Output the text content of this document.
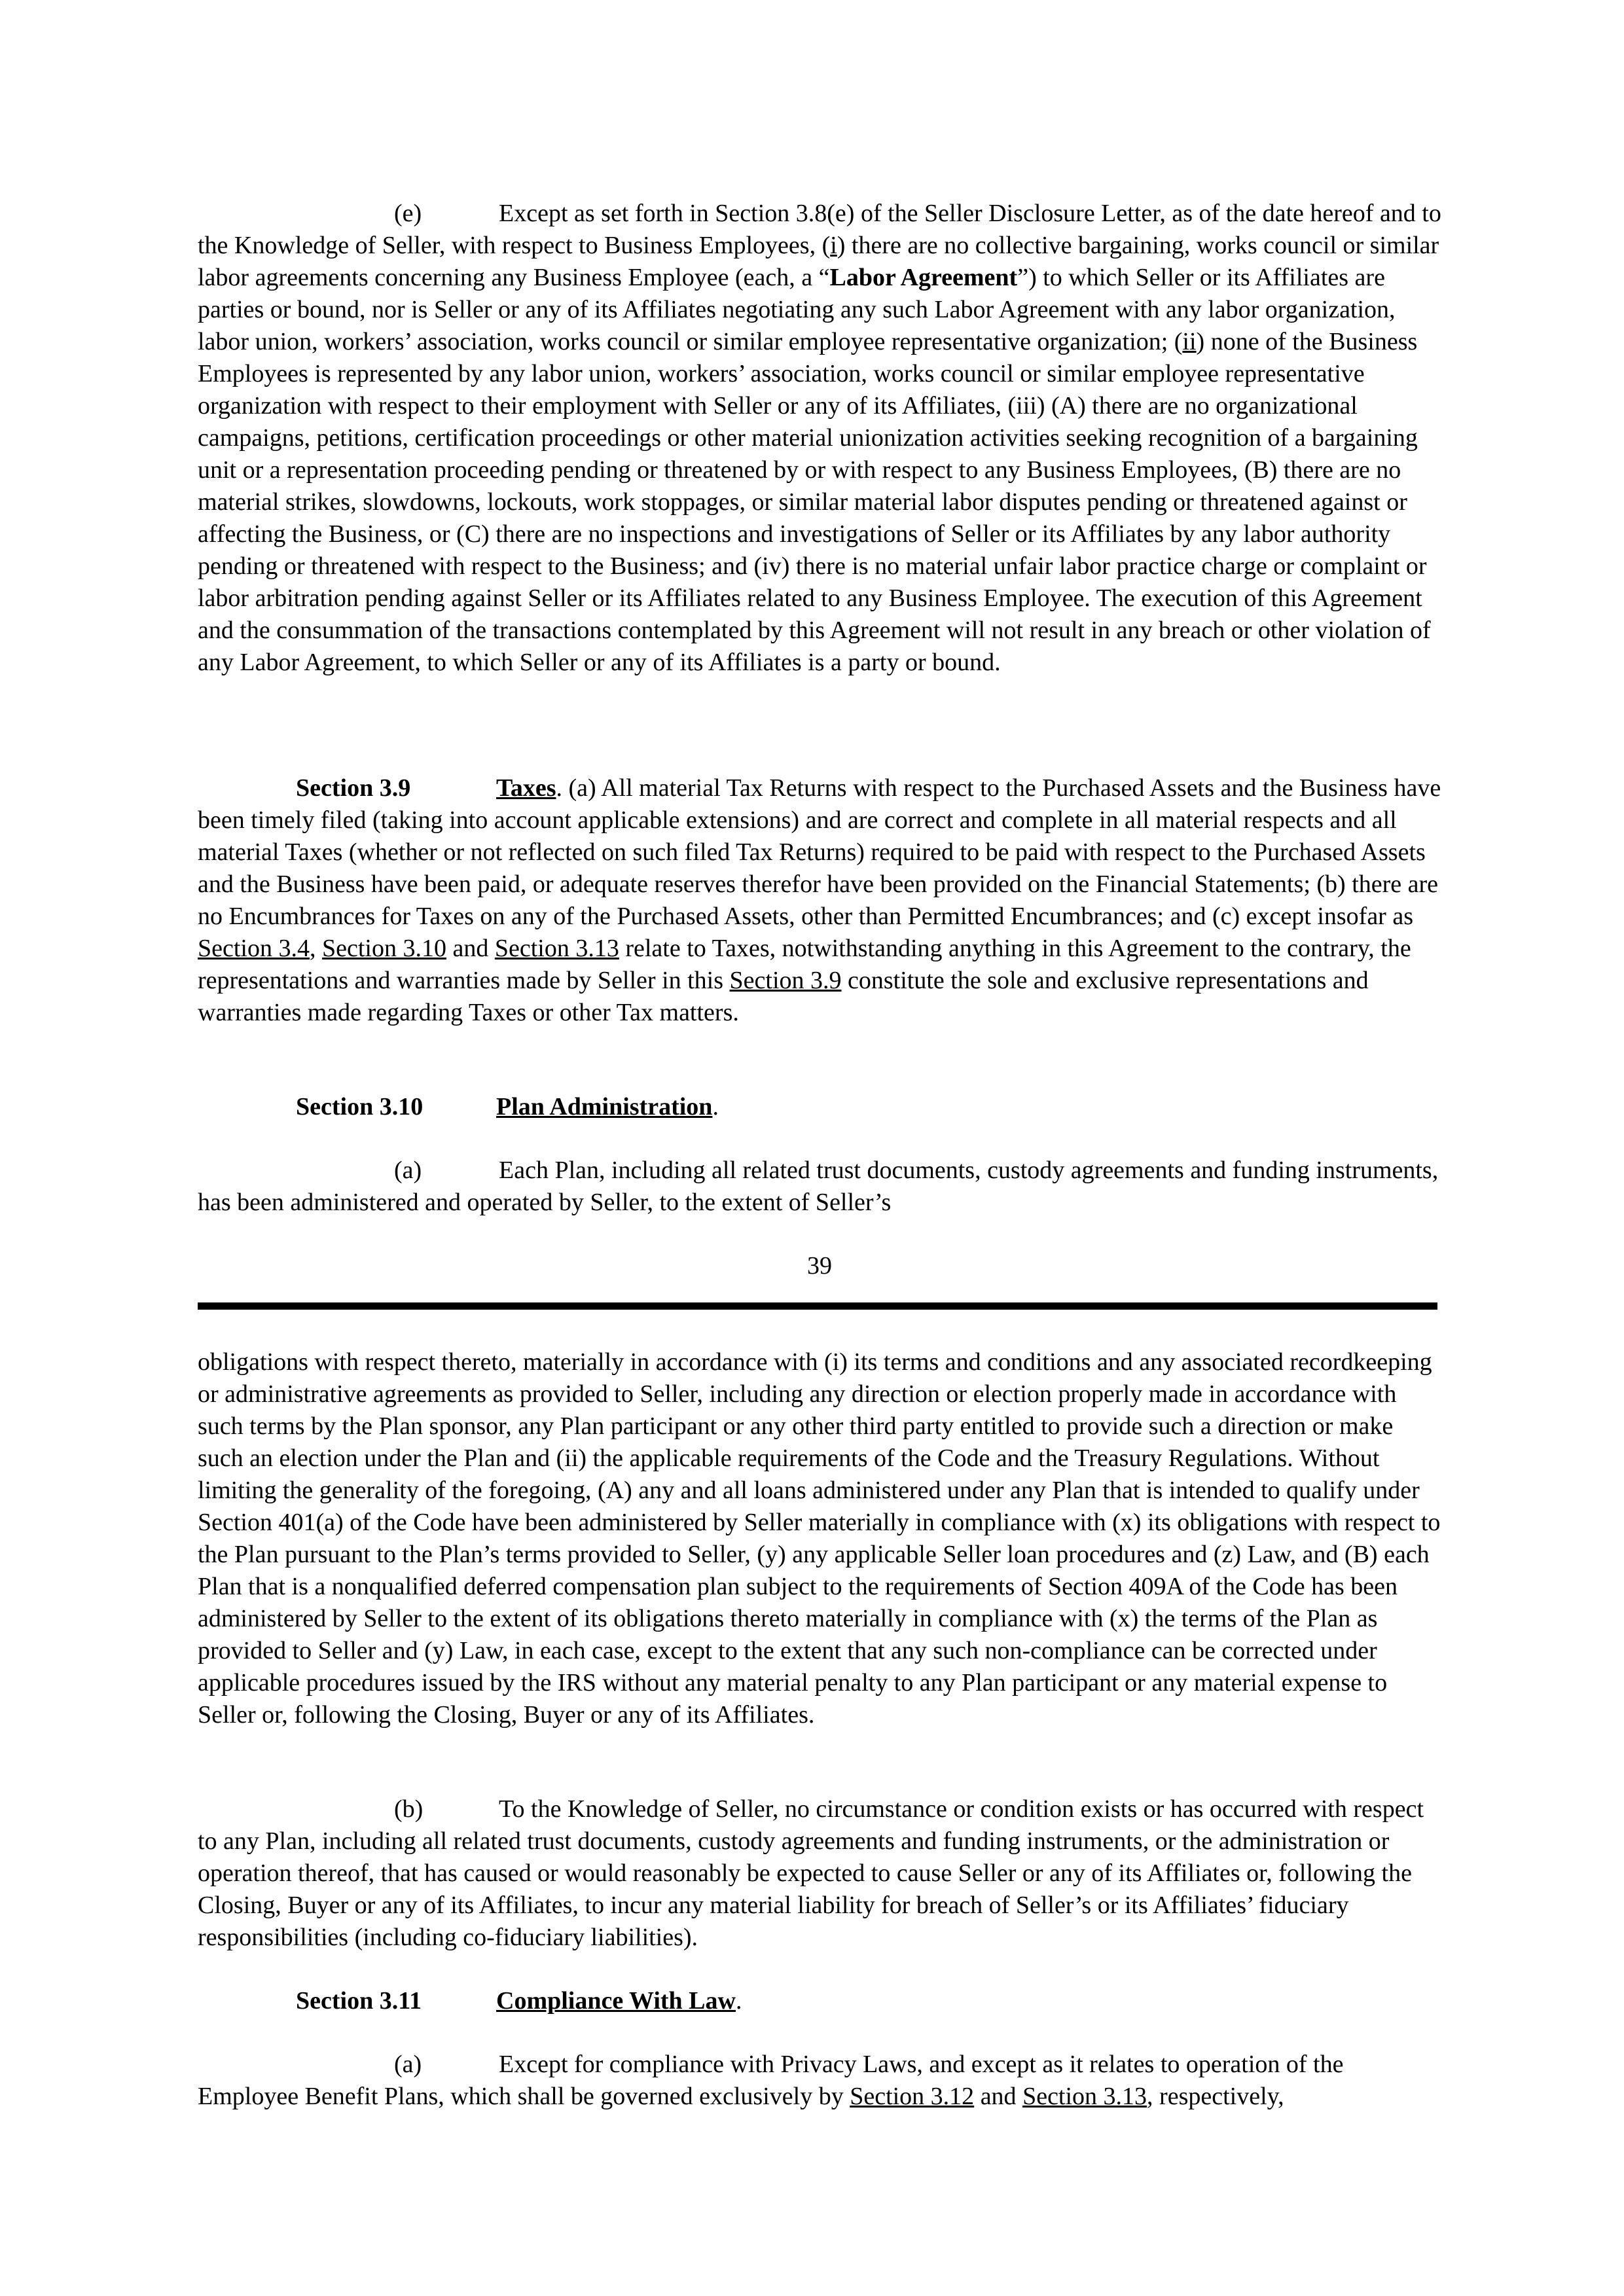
(e)	Except as set forth in Section 3.8(e) of the Seller Disclosure Letter, as of the date hereof and to the Knowledge of Seller, with respect to Business Employees, (i) there are no collective bargaining, works council or similar labor agreements concerning any Business Employee (each, a “Labor Agreement”) to which Seller or its Affiliates are parties or bound, nor is Seller or any of its Affiliates negotiating any such Labor Agreement with any labor organization, labor union, workers’ association, works council or similar employee representative organization; (ii) none of the Business Employees is represented by any labor union, workers’ association, works council or similar employee representative organization with respect to their employment with Seller or any of its Affiliates, (iii) (A) there are no organizational campaigns, petitions, certification proceedings or other material unionization activities seeking recognition of a bargaining unit or a representation proceeding pending or threatened by or with respect to any Business Employees, (B) there are no material strikes, slowdowns, lockouts, work stoppages, or similar material labor disputes pending or threatened against or affecting the Business, or (C) there are no inspections and investigations of Seller or its Affiliates by any labor authority pending or threatened with respect to the Business; and (iv) there is no material unfair labor practice charge or complaint or labor arbitration pending against Seller or its Affiliates related to any Business Employee. The execution of this Agreement and the consummation of the transactions contemplated by this Agreement will not result in any breach or other violation of any Labor Agreement, to which Seller or any of its Affiliates is a party or bound.

Section 3.9	Taxes. (a) All material Tax Returns with respect to the Purchased Assets and the Business have been timely filed (taking into account applicable extensions) and are correct and complete in all material respects and all material Taxes (whether or not reflected on such filed Tax Returns) required to be paid with respect to the Purchased Assets and the Business have been paid, or adequate reserves therefor have been provided on the Financial Statements; (b) there are no Encumbrances for Taxes on any of the Purchased Assets, other than Permitted Encumbrances; and (c) except insofar as Section 3.4, Section 3.10 and Section 3.13 relate to Taxes, notwithstanding anything in this Agreement to the contrary, the representations and warranties made by Seller in this Section 3.9 constitute the sole and exclusive representations and warranties made regarding Taxes or other Tax matters.

Section 3.10	Plan Administration.

(a)	Each Plan, including all related trust documents, custody agreements and funding instruments, has been administered and operated by Seller, to the extent of Seller’s

39

obligations with respect thereto, materially in accordance with (i) its terms and conditions and any associated recordkeeping or administrative agreements as provided to Seller, including any direction or election properly made in accordance with such terms by the Plan sponsor, any Plan participant or any other third party entitled to provide such a direction or make such an election under the Plan and (ii) the applicable requirements of the Code and the Treasury Regulations. Without limiting the generality of the foregoing, (A) any and all loans administered under any Plan that is intended to qualify under Section 401(a) of the Code have been administered by Seller materially in compliance with (x) its obligations with respect to the Plan pursuant to the Plan’s terms provided to Seller, (y) any applicable Seller loan procedures and (z) Law, and (B) each Plan that is a nonqualified deferred compensation plan subject to the requirements of Section 409A of the Code has been administered by Seller to the extent of its obligations thereto materially in compliance with (x) the terms of the Plan as provided to Seller and (y) Law, in each case, except to the extent that any such non-compliance can be corrected under applicable procedures issued by the IRS without any material penalty to any Plan participant or any material expense to Seller or, following the Closing, Buyer or any of its Affiliates.

(b)	To the Knowledge of Seller, no circumstance or condition exists or has occurred with respect to any Plan, including all related trust documents, custody agreements and funding instruments, or the administration or operation thereof, that has caused or would reasonably be expected to cause Seller or any of its Affiliates or, following the Closing, Buyer or any of its Affiliates, to incur any material liability for breach of Seller’s or its Affiliates’ fiduciary responsibilities (including co-fiduciary liabilities).

Section 3.11	Compliance With Law.

(a)	Except for compliance with Privacy Laws, and except as it relates to operation of the Employee Benefit Plans, which shall be governed exclusively by Section 3.12 and Section 3.13, respectively,
